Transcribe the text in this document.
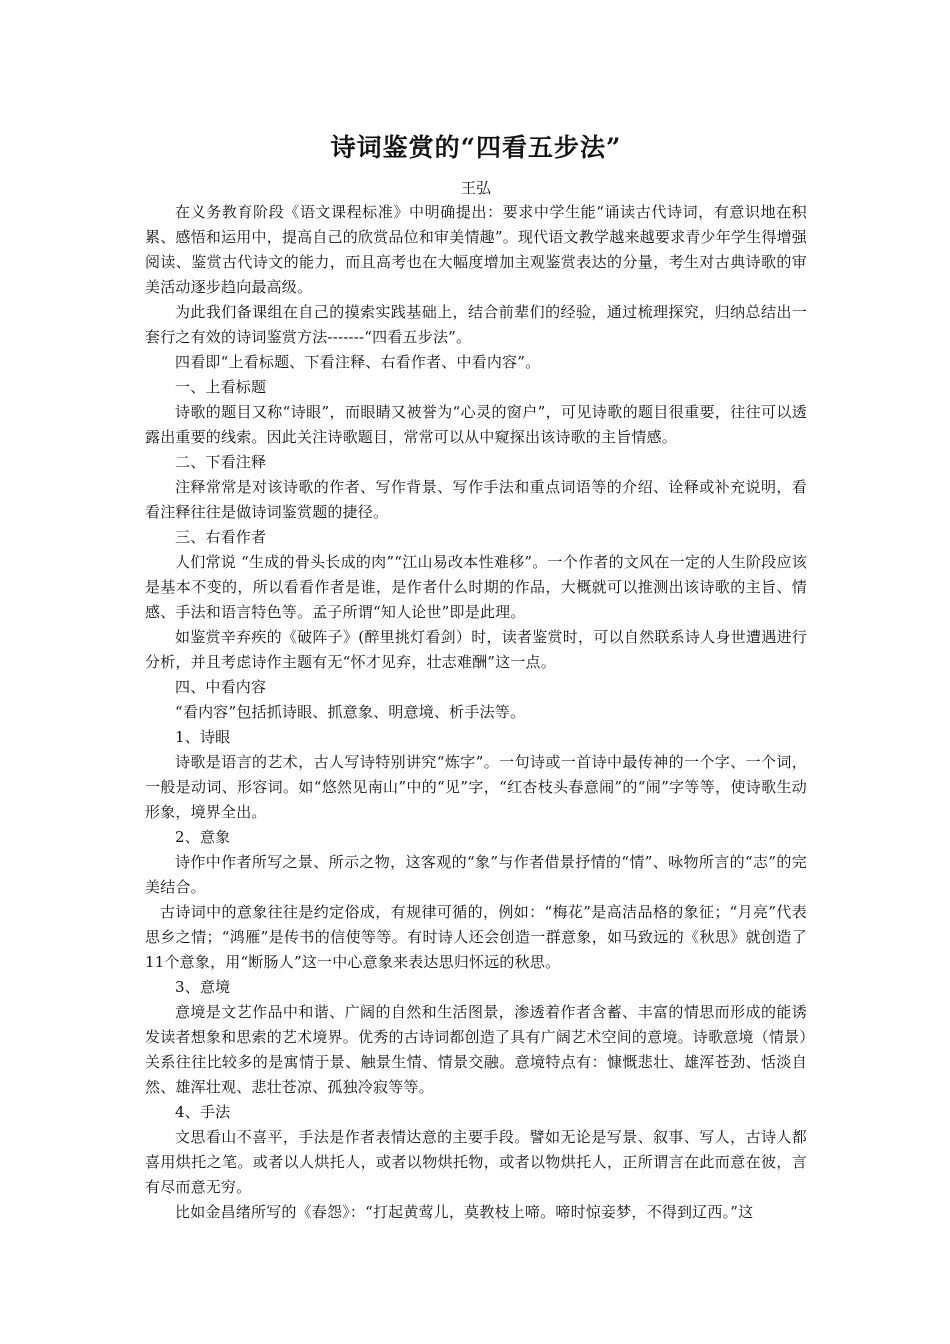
诗词鉴赏的“四看五步法”
王弘

在义务教育阶段《语文课程标准》中明确提出：要求中学生能“诵读古代诗词，有意识地在积累、感悟和运用中，提高自己的欣赏品位和审美情趣”。现代语文教学越来越要求青少年学生得增强阅读、鉴赏古代诗文的能力，而且高考也在大幅度增加主观鉴赏表达的分量，考生对古典诗歌的审美活动逐步趋向最高级。

为此我们备课组在自己的摸索实践基础上，结合前辈们的经验，通过梳理探究，归纳总结出一套行之有效的诗词鉴赏方法-------“四看五步法”。

四看即“上看标题、下看注释、右看作者、中看内容”。

一、上看标题

诗歌的题目又称“诗眼”，而眼睛又被誉为“心灵的窗户”，可见诗歌的题目很重要，往往可以透露出重要的线索。因此关注诗歌题目，常常可以从中窥探出该诗歌的主旨情感。

二、下看注释

注释常常是对该诗歌的作者、写作背景、写作手法和重点词语等的介绍、诠释或补充说明，看看注释往往是做诗词鉴赏题的捷径。

三、右看作者

人们常说 “生成的骨头长成的肉”“江山易改本性难移”。一个作者的文风在一定的人生阶段应该是基本不变的，所以看看作者是谁，是作者什么时期的作品，大概就可以推测出该诗歌的主旨、情感、手法和语言特色等。孟子所谓“知人论世”即是此理。

如鉴赏辛弃疾的《破阵子》(醉里挑灯看剑）时，读者鉴赏时，可以自然联系诗人身世遭遇进行分析，并且考虑诗作主题有无“怀才见弃，壮志难酬”这一点。

四、中看内容

“看内容”包括抓诗眼、抓意象、明意境、析手法等。

1、诗眼

诗歌是语言的艺术，古人写诗特别讲究“炼字”。一句诗或一首诗中最传神的一个字、一个词，一般是动词、形容词。如“悠然见南山”中的“见”字，“红杏枝头春意闹”的“闹”字等等，使诗歌生动形象，境界全出。

2、意象

诗作中作者所写之景、所示之物，这客观的“象”与作者借景抒情的“情”、咏物所言的“志”的完美结合。

古诗词中的意象往往是约定俗成，有规律可循的，例如：“梅花”是高洁品格的象征；“月亮”代表思乡之情；“鸿雁”是传书的信使等等。有时诗人还会创造一群意象，如马致远的《秋思》就创造了11个意象，用“断肠人”这一中心意象来表达思归怀远的秋思。

3、意境

意境是文艺作品中和谐、广阔的自然和生活图景，渗透着作者含蓄、丰富的情思而形成的能诱发读者想象和思索的艺术境界。优秀的古诗词都创造了具有广阔艺术空间的意境。诗歌意境（情景）关系往往比较多的是寓情于景、触景生情、情景交融。意境特点有：慷慨悲壮、雄浑苍劲、恬淡自然、雄浑壮观、悲壮苍凉、孤独冷寂等等。

4、手法

文思看山不喜平，手法是作者表情达意的主要手段。譬如无论是写景、叙事、写人，古诗人都喜用烘托之笔。或者以人烘托人，或者以物烘托物，或者以物烘托人，正所谓言在此而意在彼，言有尽而意无穷。

比如金昌绪所写的《春怨》：“打起黄莺儿，莫教枝上啼。啼时惊妾梦，不得到辽西。”这
